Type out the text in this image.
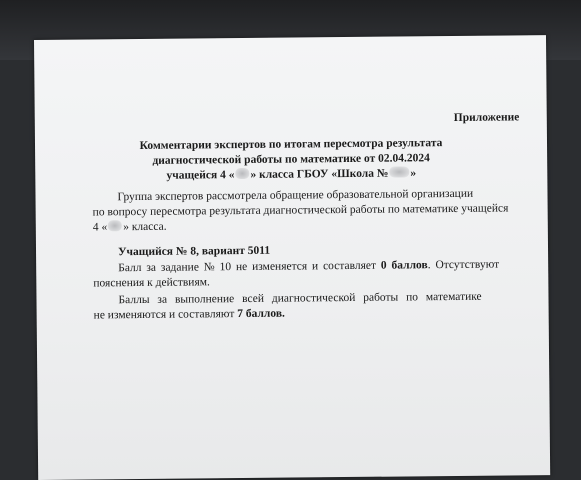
Приложение
Комментарии экспертов по итогам пересмотра результата
диагностической работы по математике от 02.04.2024
учащейся 4 « » класса ГБОУ «Школа № »
Группа экспертов рассмотрела обращение образовательной организации
по вопросу пересмотра результата диагностической работы по математике учащейся
4 « » класса.
Учащийся № 8, вариант 5011
Балл за задание № 10 не изменяется и составляет 0 баллов. Отсутствуют
пояснения к действиям.
Баллы за выполнение всей диагностической работы по математике
не изменяются и составляют 7 баллов.
